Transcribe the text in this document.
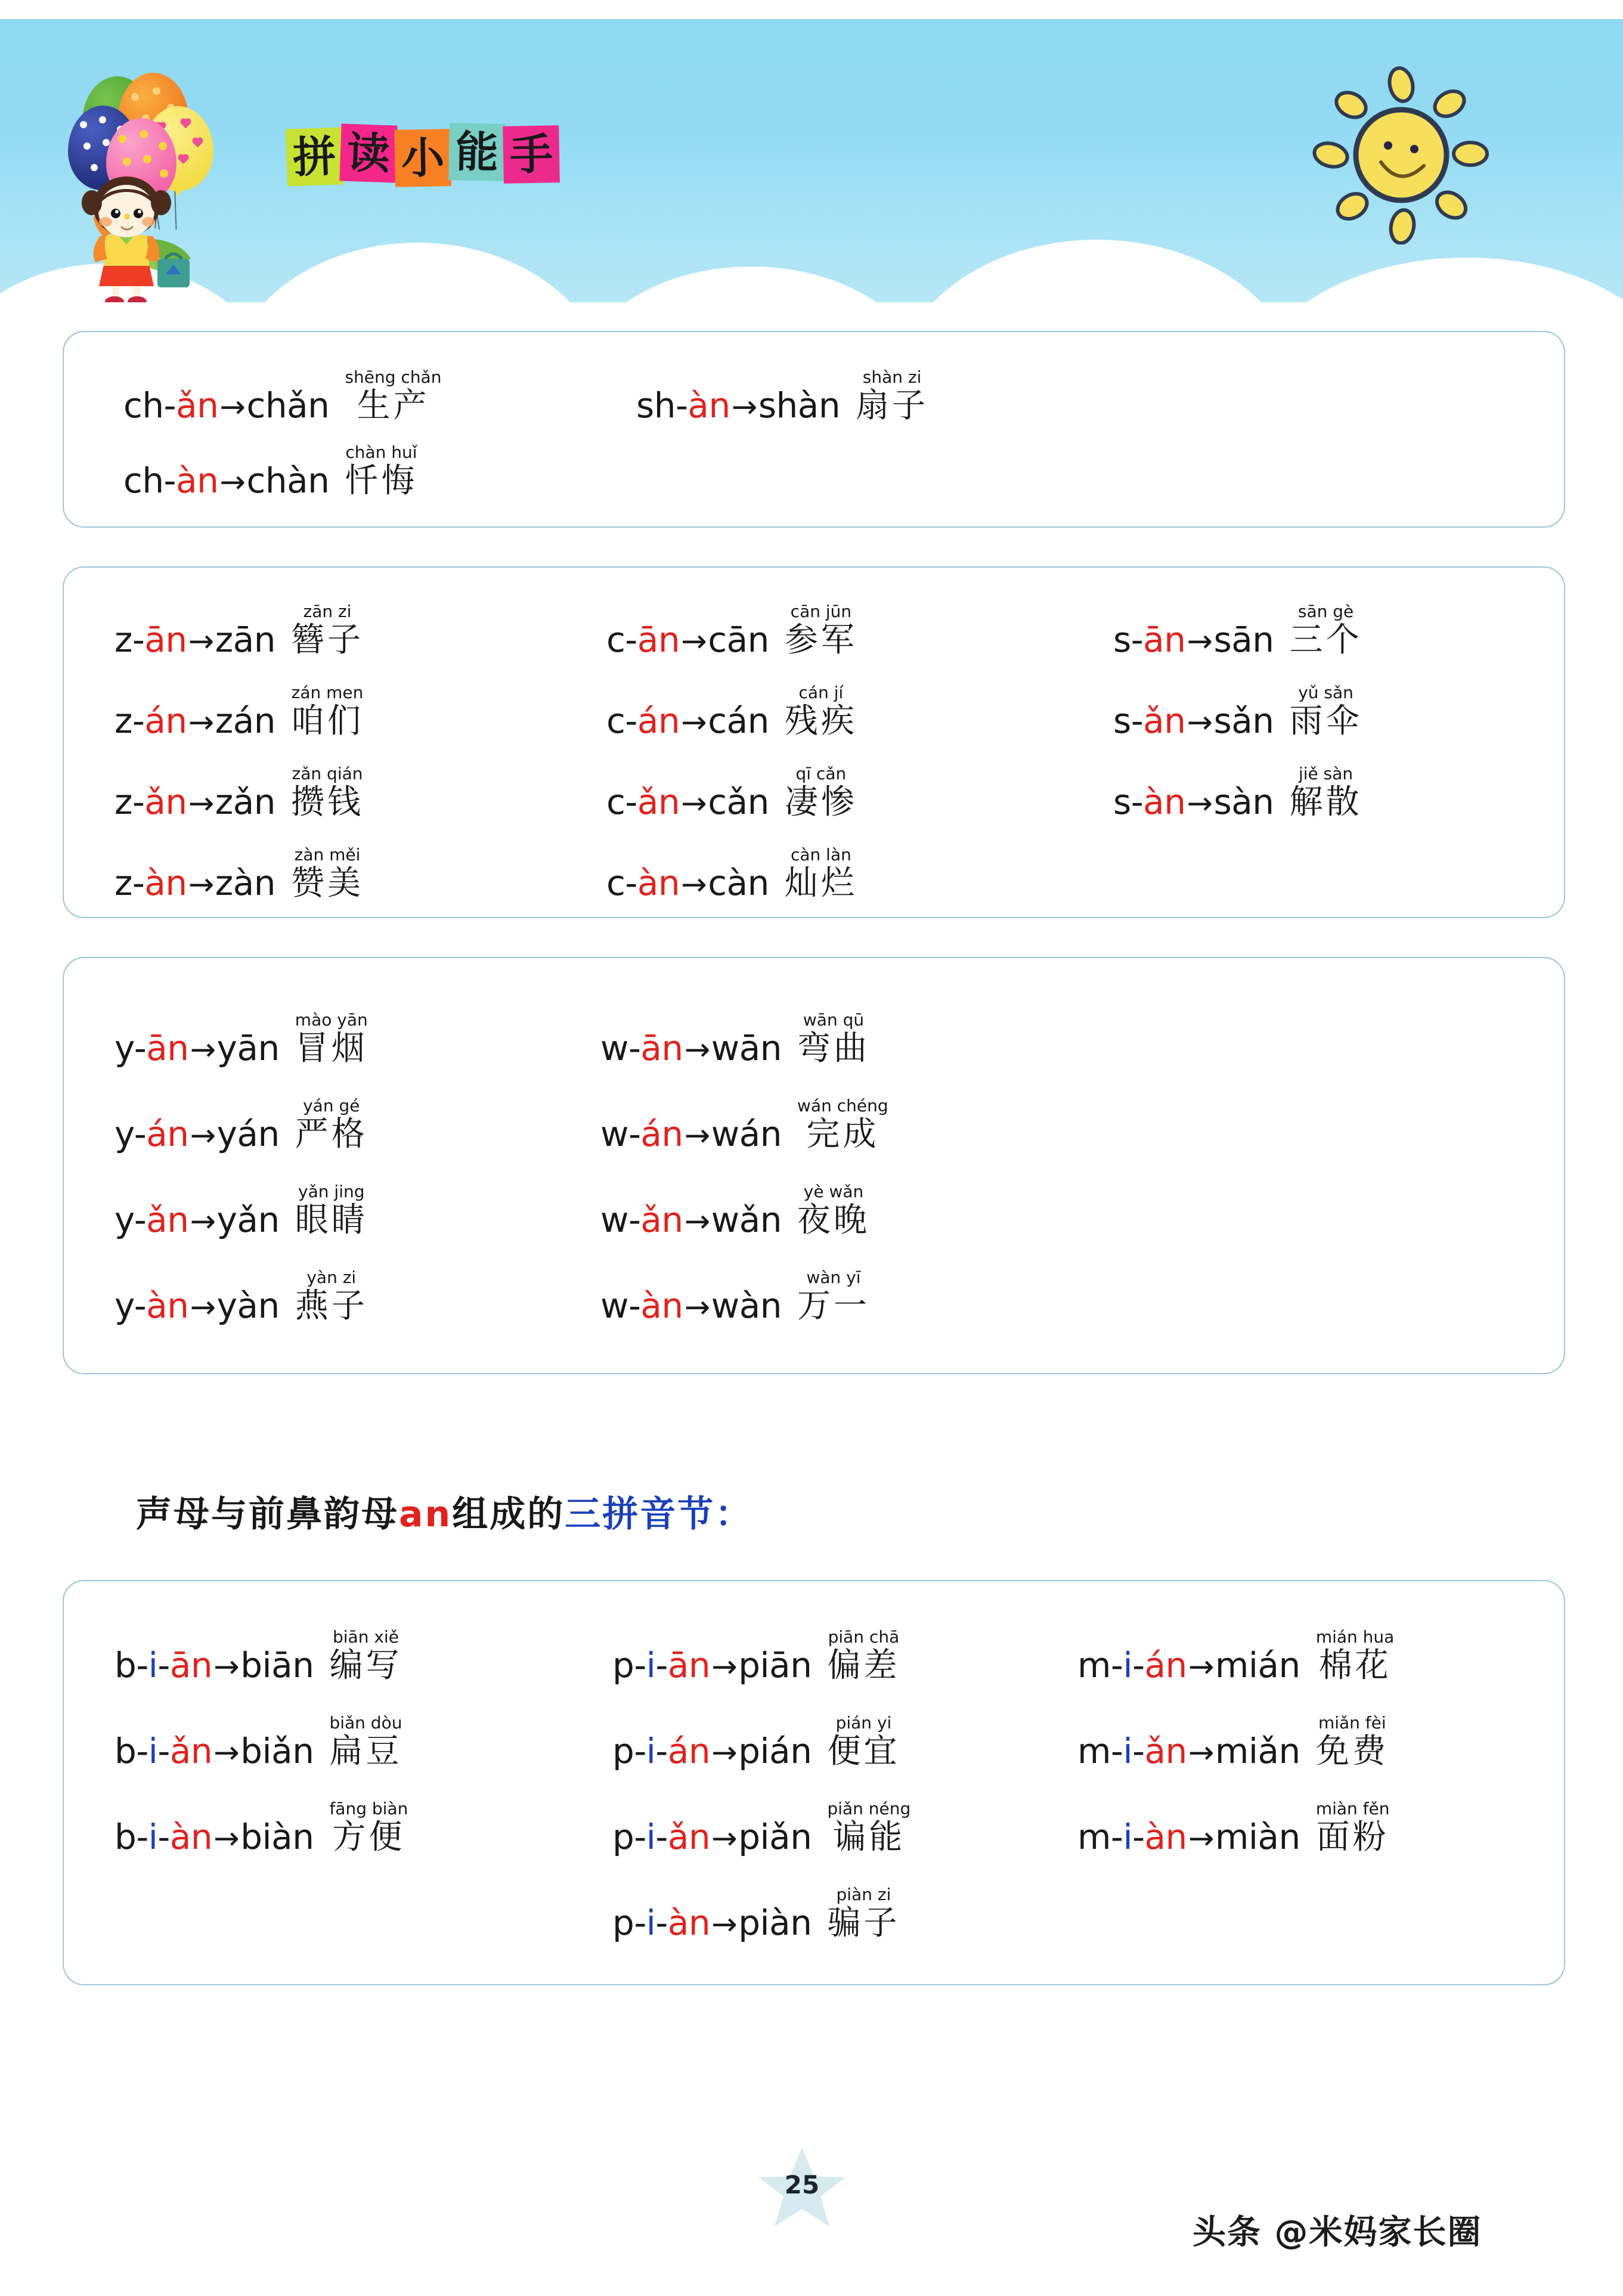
拼 读 小 能 手
ch-ǎn→chǎn
shēng chǎn
生产
ch-àn→chàn
chàn huǐ
忏悔
sh-àn→shàn
shàn zi
扇子
z-ān→zān
zān zi
簪子
z-án→zán
zán men
咱们
z-ǎn→zǎn
zǎn qián
攒钱
z-àn→zàn
zàn měi
赞美
c-ān→cān
cān jūn
参军
c-án→cán
cán jí
残疾
c-ǎn→cǎn
qī cǎn
凄惨
c-àn→càn
càn làn
灿烂
s-ān→sān
sān gè
三个
s-ǎn→sǎn
yǔ sǎn
雨伞
s-àn→sàn
jiě sàn
解散
y-ān→yān
mào yān
冒烟
y-án→yán
yán gé
严格
y-ǎn→yǎn
yǎn jing
眼睛
y-àn→yàn
yàn zi
燕子
w-ān→wān
wān qū
弯曲
w-án→wán
wán chéng
完成
w-ǎn→wǎn
yè wǎn
夜晚
w-àn→wàn
wàn yī
万一
声母与前鼻韵母an组成的三拼音节：
b-i-ān→biān
biān xiě
编写
b-i-ǎn→biǎn
biǎn dòu
扁豆
b-i-àn→biàn
fāng biàn
方便
p-i-ān→piān
piān chā
偏差
p-i-án→pián
pián yi
便宜
p-i-ǎn→piǎn
piǎn néng
谝能
p-i-àn→piàn
piàn zi
骗子
m-i-án→mián
mián hua
棉花
m-i-ǎn→miǎn
miǎn fèi
免费
m-i-àn→miàn
miàn fěn
面粉
25
头条 @米妈家长圈
